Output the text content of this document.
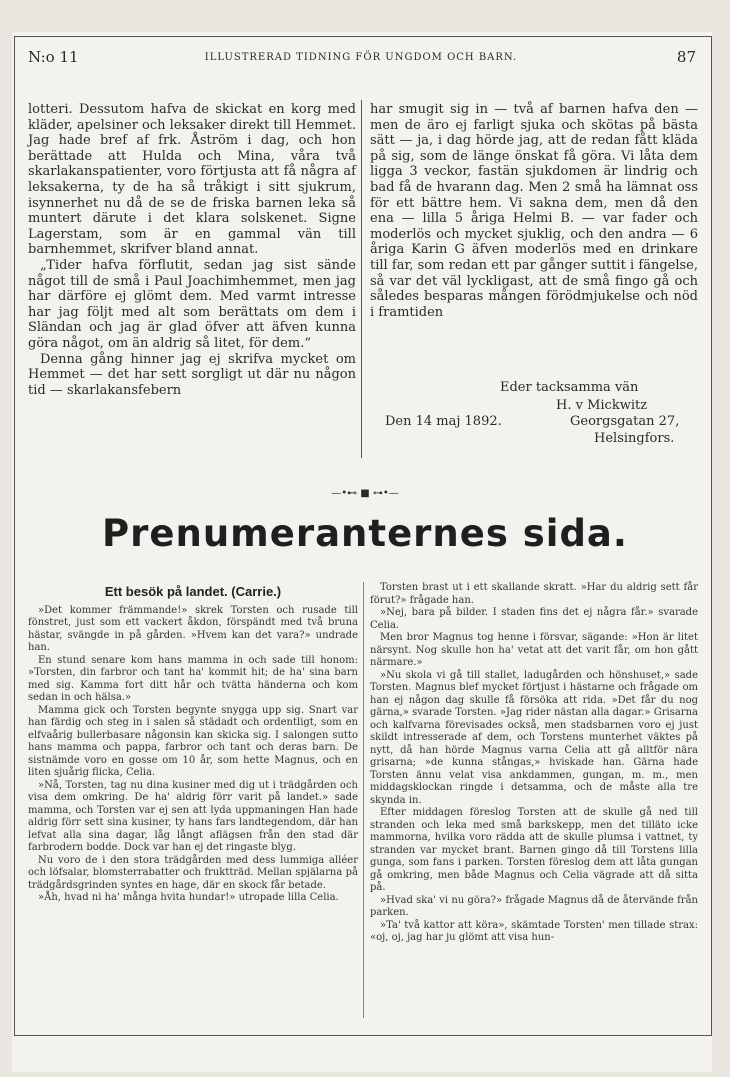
N:o 11	ILLUSTRERAD TIDNING FÖR UNGDOM OCH BARN.	87

lotteri. Dessutom hafva de skickat en korg med kläder, apelsiner och leksaker direkt till Hemmet. Jag hade bref af frk. Åström i dag, och hon berättade att Hulda och Mina, våra två skarlakanspatienter, voro förtjusta att få några af leksakerna, ty de ha så tråkigt i sitt sjukrum, isynnerhet nu då de se de friska barnen leka så muntert därute i det klara solskenet. Signe Lagerstam, som är en gammal vän till barnhemmet, skrifver bland annat.

„Tider hafva förflutit, sedan jag sist sände något till de små i Paul Joachimhemmet, men jag har därföre ej glömt dem. Med varmt intresse har jag följt med alt som berättats om dem i Sländan och jag är glad öfver att äfven kunna göra något, om än aldrig så litet, för dem.“

Denna gång hinner jag ej skrifva mycket om Hemmet — det har sett sorgligt ut där nu någon tid — skarlakansfebern

har smugit sig in — två af barnen hafva den — men de äro ej farligt sjuka och skötas på bästa sätt — ja, i dag hörde jag, att de redan fått kläda på sig, som de länge önskat få göra. Vi låta dem ligga 3 veckor, fastän sjukdomen är lindrig och bad få de hvarann dag. Men 2 små ha lämnat oss för ett bättre hem. Vi sakna dem, men då den ena — lilla 5 åriga Helmi B. — var fader och moderlös och mycket sjuklig, och den andra — 6 åriga Karin G äfven moderlös med en drinkare till far, som redan ett par gånger suttit i fängelse, så var det väl lyckligast, att de små fingo gå och således besparas mången förödmjukelse och nöd i framtiden

Eder tacksamma vän
H. v Mickwitz
Den 14 maj 1892.	Georgsgatan 27,
Helsingfors.
—•⊷ ■ ⊶•—
Prenumeranternes sida.
Ett besök på landet. (Carrie.)

»Det kommer främmande!» skrek Torsten och rusade till fönstret, just som ett vackert åkdon, förspändt med två bruna hästar, svängde in på gården. »Hvem kan det vara?» undrade han.

En stund senare kom hans mamma in och sade till honom: »Torsten, din farbror och tant ha' kommit hit; de ha' sina barn med sig. Kamma fort ditt hår och tvätta händerna och kom sedan in och hälsa.»

Mamma gick och Torsten begynte snygga upp sig. Snart var han färdig och steg in i salen så städadt och ordentligt, som en elfvaårig bullerbasare någonsin kan skicka sig. I salongen sutto hans mamma och pappa, farbror och tant och deras barn. De sistnämde voro en gosse om 10 år, som hette Magnus, och en liten sjuårig flicka, Celia.

»Nå, Torsten, tag nu dina kusiner med dig ut i trädgården och visa dem omkring. De ha' aldrig förr varit på landet.» sade mamma, och Torsten var ej sen att lyda uppmaningen Han hade aldrig förr sett sina kusiner, ty hans fars landtegendom, där han lefvat alla sina dagar, låg långt aflägsen från den stad där farbrodern bodde. Dock var han ej det ringaste blyg.

Nu voro de i den stora trädgården med dess lummiga alléer och löfsalar, blomsterrabatter och fruktträd. Mellan spjälarna på trädgårdsgrinden syntes en hage, där en skock får betade.

»Åh, hvad ni ha' många hvita hundar!» utropade lilla Celia.

Torsten brast ut i ett skallande skratt. »Har du aldrig sett får förut?» frågade han.

»Nej, bara på bilder. I staden fins det ej några får.» svarade Celia.

Men bror Magnus tog henne i försvar, sägande: »Hon är litet närsynt. Nog skulle hon ha' vetat att det varit får, om hon gått närmare.»

»Nu skola vi gå till stallet, ladugården och hönshuset,» sade Torsten. Magnus blef mycket förtjust i hästarne och frågade om han ej någon dag skulle få försöka att rida. »Det får du nog gärna,» svarade Torsten. »Jag rider nästan alla dagar.» Grisarna och kalfvarna förevisades också, men stadsbarnen voro ej just skildt intresserade af dem, och Torstens munterhet väktes på nytt, då han hörde Magnus varna Celia att gå alltför nära grisarna; »de kunna stångas,» hviskade han. Gärna hade Torsten ännu velat visa ankdammen, gungan, m. m., men middagsklockan ringde i detsamma, och de måste alla tre skynda in.

Efter middagen föreslog Torsten att de skulle gå ned till stranden och leka med små barkskepp, men det tilläto icke mammorna, hvilka voro rädda att de skulle plumsa i vattnet, ty stranden var mycket brant. Barnen gingo då till Torstens lilla gunga, som fans i parken. Torsten föreslog dem att låta gungan gå omkring, men både Magnus och Celia vägrade att då sitta på.

»Hvad ska' vi nu göra?» frågade Magnus då de återvände från parken.

»Ta' två kattor att köra», skämtade Torsten' men tillade strax: «oj, oj, jag har ju glömt att visa hun-
